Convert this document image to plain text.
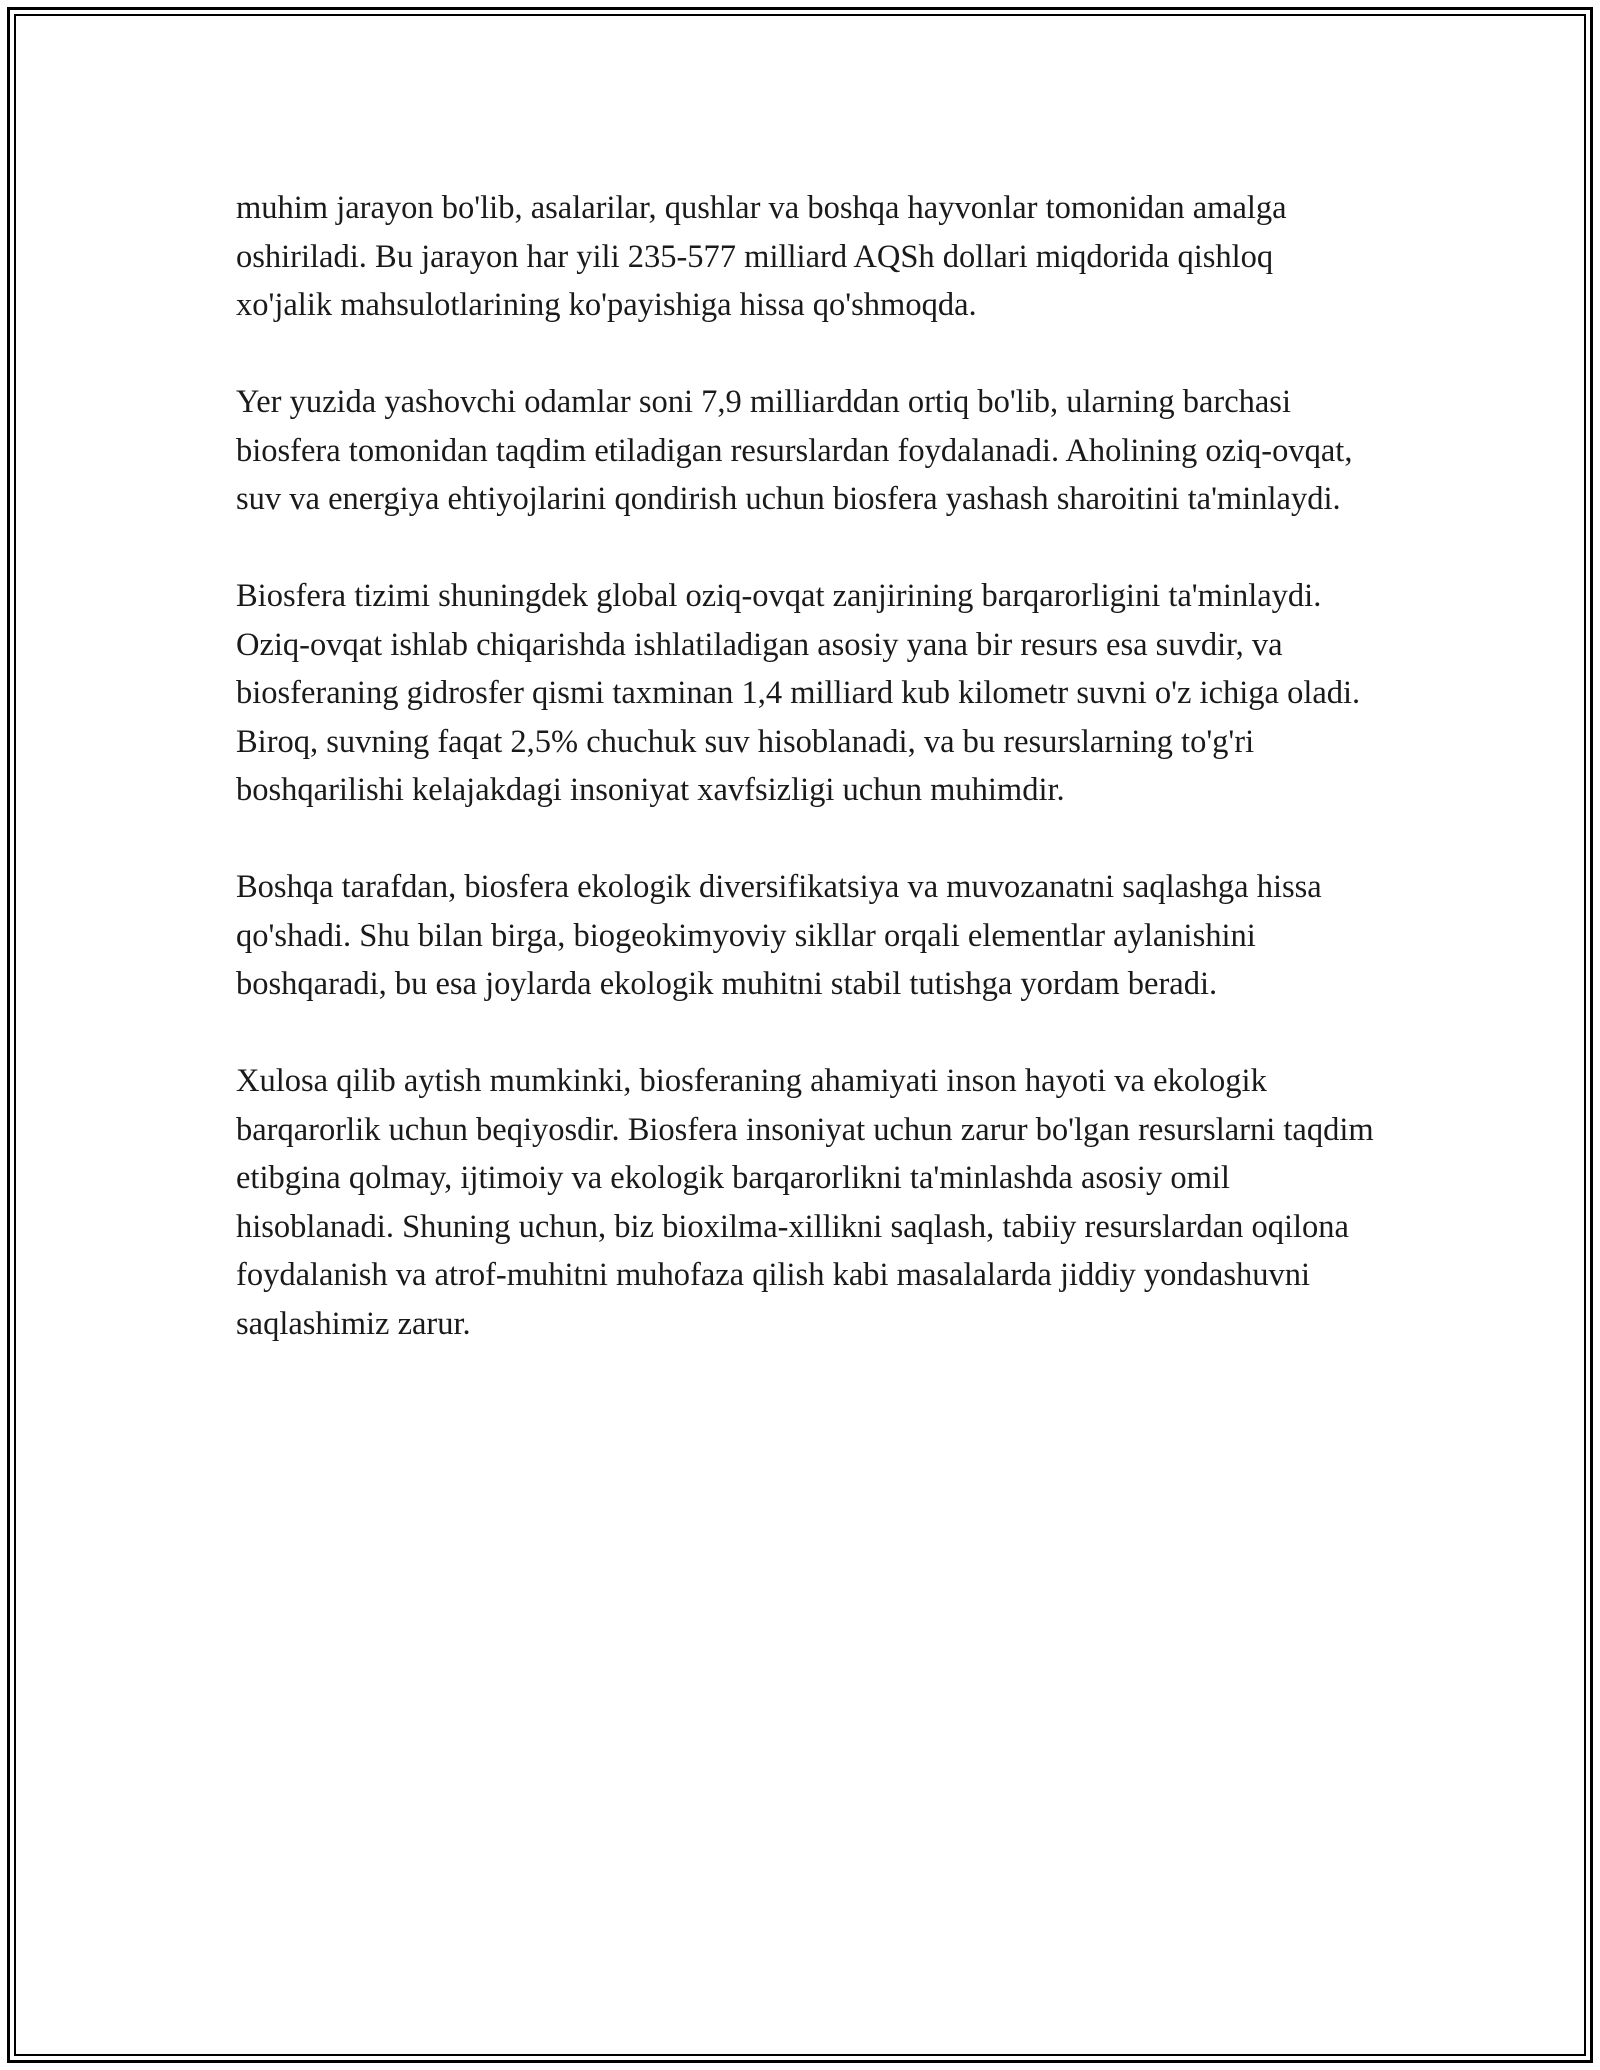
muhim jarayon bo'lib, asalarilar, qushlar va boshqa hayvonlar tomonidan amalga oshiriladi. Bu jarayon har yili 235-577 milliard AQSh dollari miqdorida qishloq xo'jalik mahsulotlarining ko'payishiga hissa qo'shmoqda.

Yer yuzida yashovchi odamlar soni 7,9 milliarddan ortiq bo'lib, ularning barchasi biosfera tomonidan taqdim etiladigan resurslardan foydalanadi. Aholining oziq-ovqat, suv va energiya ehtiyojlarini qondirish uchun biosfera yashash sharoitini ta'minlaydi.

Biosfera tizimi shuningdek global oziq-ovqat zanjirining barqarorligini ta'minlaydi. Oziq-ovqat ishlab chiqarishda ishlatiladigan asosiy yana bir resurs esa suvdir, va biosferaning gidrosfer qismi taxminan 1,4 milliard kub kilometr suvni o'z ichiga oladi. Biroq, suvning faqat 2,5% chuchuk suv hisoblanadi, va bu resurslarning to'g'ri boshqarilishi kelajakdagi insoniyat xavfsizligi uchun muhimdir.

Boshqa tarafdan, biosfera ekologik diversifikatsiya va muvozanatni saqlashga hissa qo'shadi. Shu bilan birga, biogeokimyoviy sikllar orqali elementlar aylanishini boshqaradi, bu esa joylarda ekologik muhitni stabil tutishga yordam beradi.

Xulosa qilib aytish mumkinki, biosferaning ahamiyati inson hayoti va ekologik barqarorlik uchun beqiyosdir. Biosfera insoniyat uchun zarur bo'lgan resurslarni taqdim etibgina qolmay, ijtimoiy va ekologik barqarorlikni ta'minlashda asosiy omil hisoblanadi. Shuning uchun, biz bioxilma-xillikni saqlash, tabiiy resurslardan oqilona foydalanish va atrof-muhitni muhofaza qilish kabi masalalarda jiddiy yondashuvni saqlashimiz zarur.
